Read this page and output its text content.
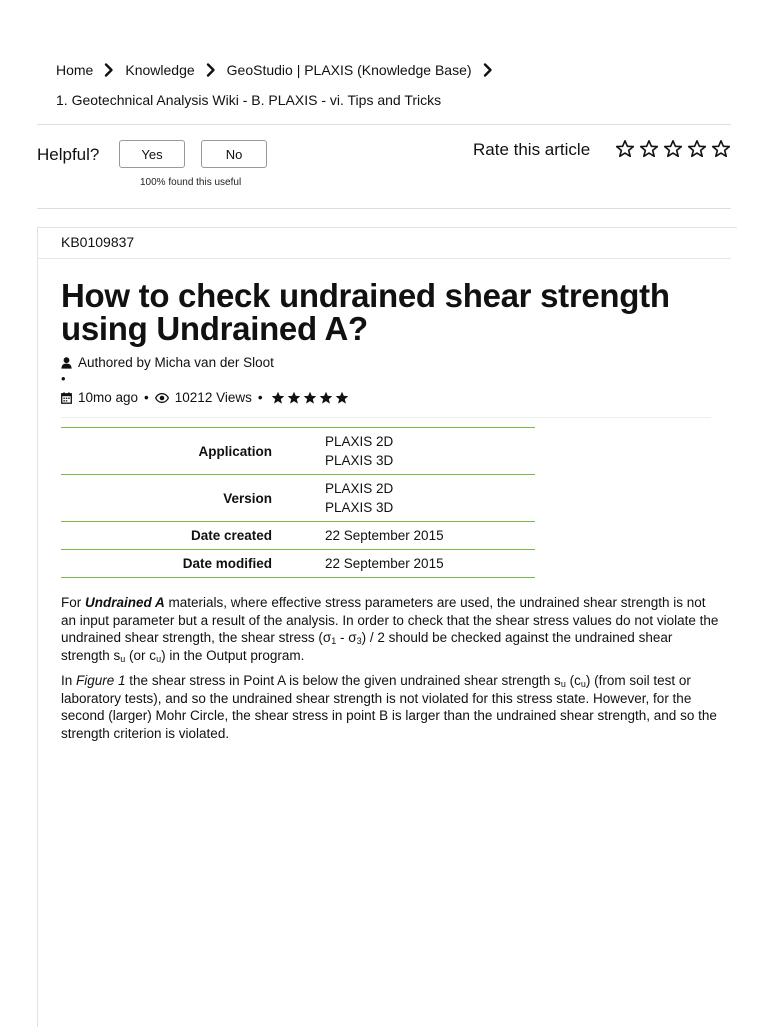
Home Knowledge GeoStudio | PLAXIS (Knowledge Base)
1. Geotechnical Analysis Wiki - B. PLAXIS - vi. Tips and Tricks
Helpful?	Yes	No
100% found this useful
Rate this article
KB0109837
How to check undrained shear strength using Undrained A?
Authored by Micha van der Sloot
•
10mo ago • 10212 Views •
Application	PLAXIS 2D
PLAXIS 3D

Version	PLAXIS 2D
PLAXIS 3D

Date created	22 September 2015

Date modified	22 September 2015

For Undrained A materials, where effective stress parameters are used, the undrained shear strength is not an input parameter but a result of the analysis. In order to check that the shear stress values do not violate the undrained shear strength, the shear stress $(\sigma_1 - \sigma_3) / 2$ should be checked against the undrained shear strength $s_u$ (or $c_u$) in the Output program.

In Figure 1 the shear stress in Point A is below the given undrained shear strength $s_u$ $(c_u)$ (from soil test or laboratory tests), and so the undrained shear strength is not violated for this stress state. However, for the second (larger) Mohr Circle, the shear stress in point B is larger than the undrained shear strength, and so the strength criterion is violated.
